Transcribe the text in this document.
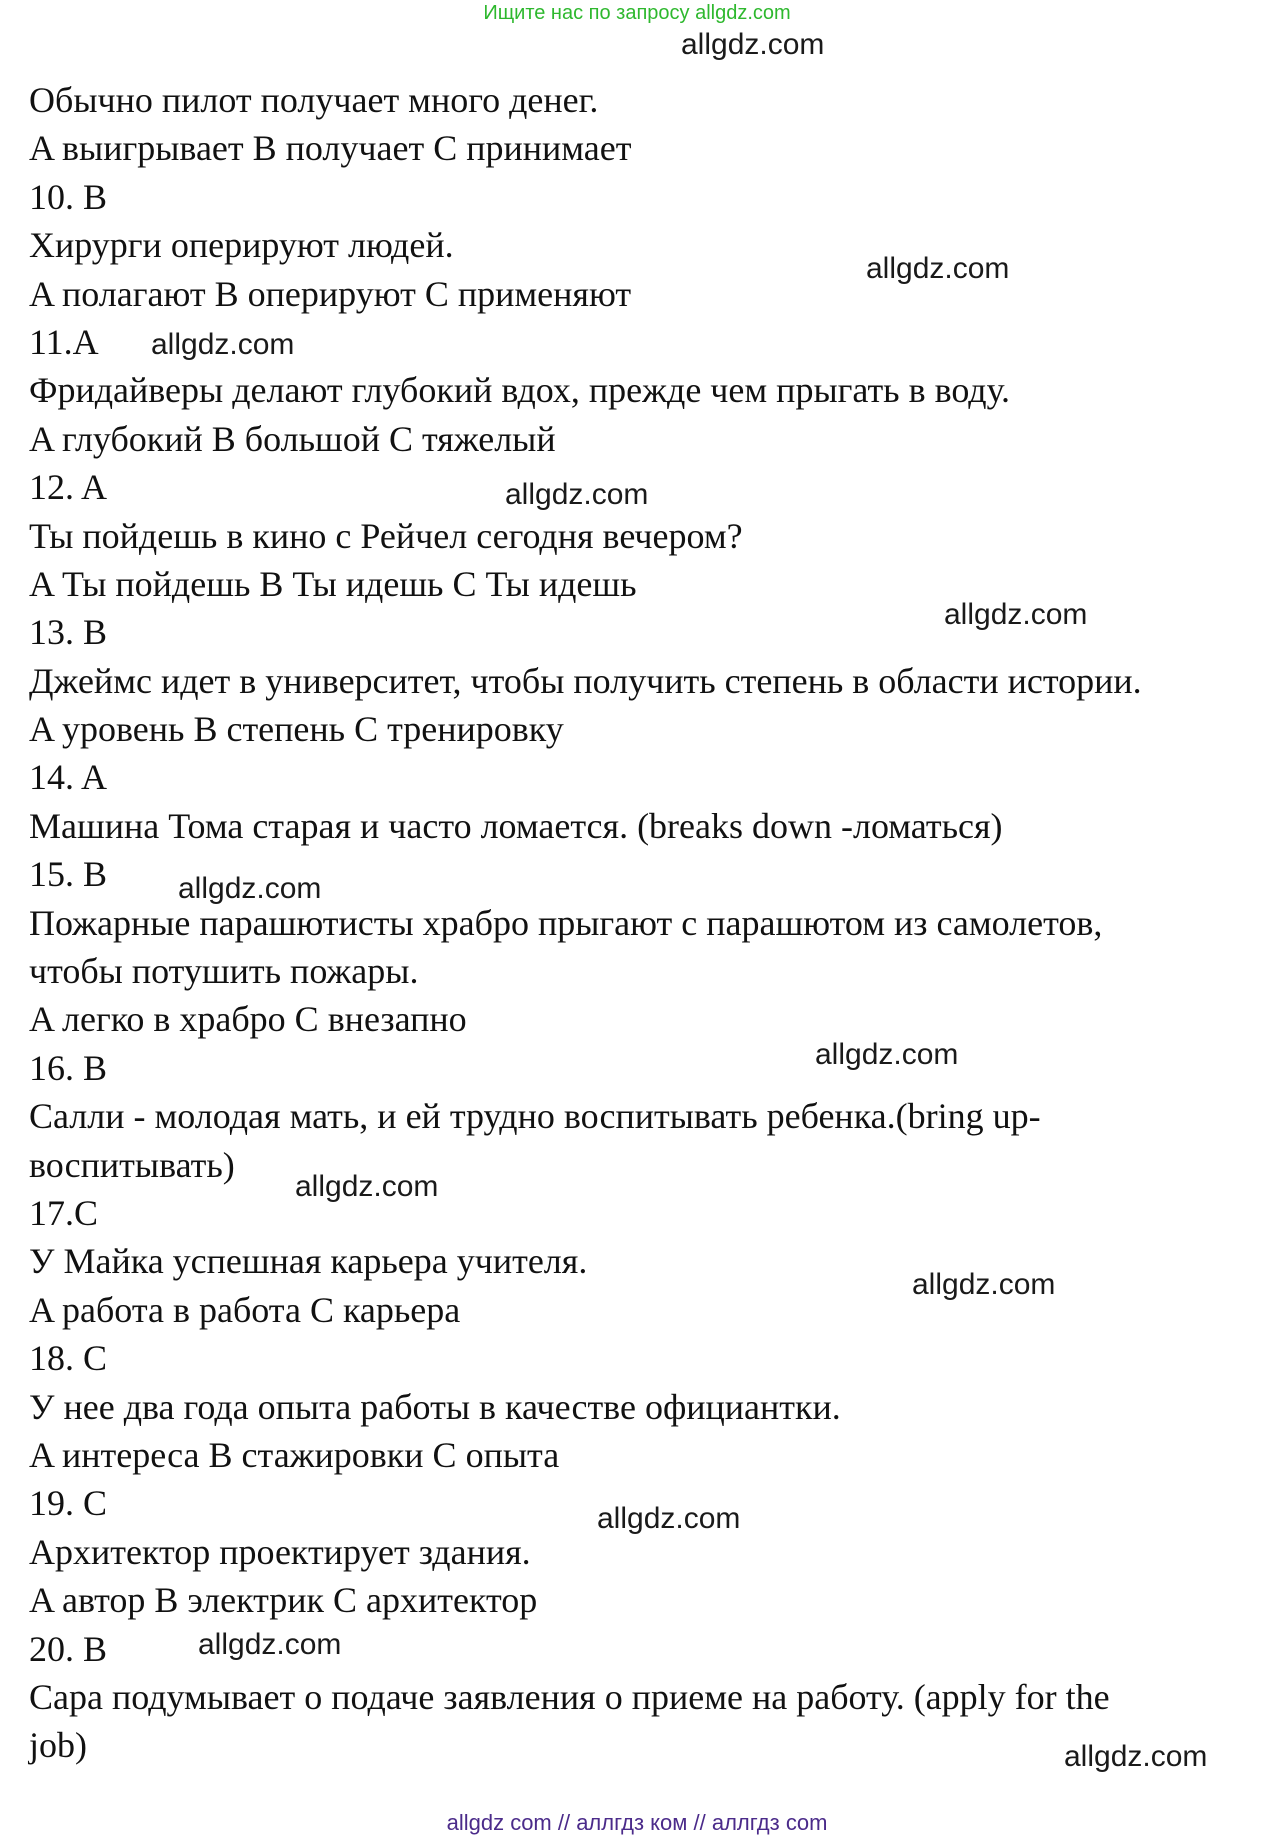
Ищите нас по запросу allgdz.com
allgdz.com
Обычно пилот получает много денег.
A выигрывает B получает C принимает
10. B
Хирурги оперируют людей.
A полагают B оперируют C применяют
11.A
Фридайверы делают глубокий вдох, прежде чем прыгать в воду.
A глубокий B большой C тяжелый
12. A
Ты пойдешь в кино с Рейчел сегодня вечером?
A Ты пойдешь B Ты идешь C Ты идешь
13. B
Джеймс идет в университет, чтобы получить степень в области истории.
A уровень B степень C тренировку
14. A
Машина Тома старая и часто ломается. (breaks down -ломаться)
15. B
Пожарные парашютисты храбро прыгают с парашютом из самолетов,
чтобы потушить пожары.
A легко в храбро C внезапно
16. B
Салли - молодая мать, и ей трудно воспитывать ребенка.(bring up-
воспитывать)
17.C
У Майка успешная карьера учителя.
A работа в работа C карьера
18. C
У нее два года опыта работы в качестве официантки.
A интереса B стажировки C опыта
19. C
Архитектор проектирует здания.
A автор B электрик C архитектор
20. B
Сара подумывает о подаче заявления о приеме на работу. (apply for the
job)
allgdz.com
allgdz.com
allgdz.com
allgdz.com
allgdz.com
allgdz.com
allgdz.com
allgdz.com
allgdz.com
allgdz.com
allgdz.com
allgdz com // аллгдз ком // аллгдз com
